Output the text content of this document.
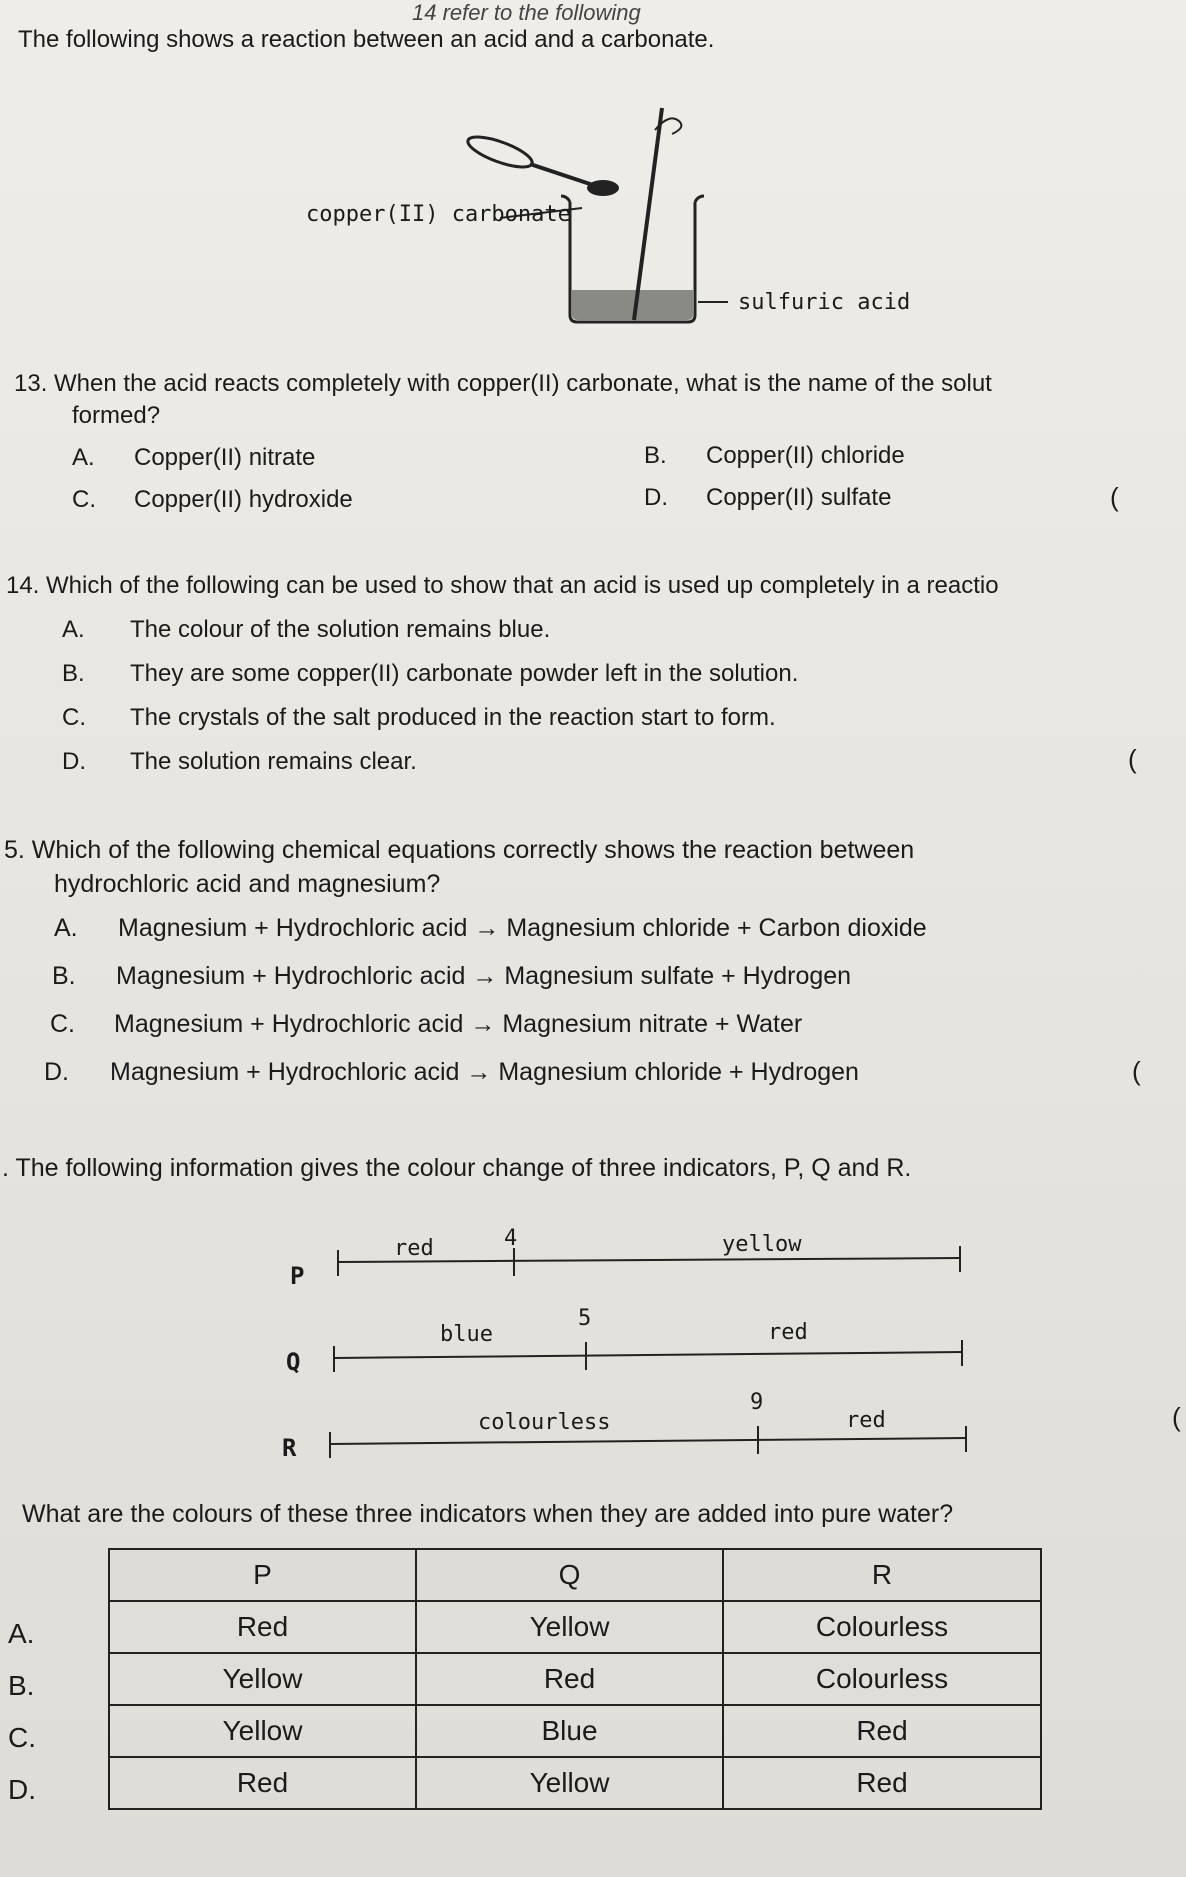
14 refer to the following
The following shows a reaction between an acid and a carbonate.
copper(II) carbonate
sulfuric acid
13. When the acid reacts completely with copper(II) carbonate, what is the name of the solut
formed?
A. Copper(II) nitrate	B. Copper(II) chloride
C. Copper(II) hydroxide	D. Copper(II) sulfate	(
14. Which of the following can be used to show that an acid is used up completely in a reactio
A. The colour of the solution remains blue.
B. They are some copper(II) carbonate powder left in the solution.
C. The crystals of the salt produced in the reaction start to form.
D. The solution remains clear.	(
5. Which of the following chemical equations correctly shows the reaction between
hydrochloric acid and magnesium?
A. Magnesium + Hydrochloric acid → Magnesium chloride + Carbon dioxide
B. Magnesium + Hydrochloric acid → Magnesium sulfate + Hydrogen
C. Magnesium + Hydrochloric acid → Magnesium nitrate + Water
D. Magnesium + Hydrochloric acid → Magnesium chloride + Hydrogen	(
. The following information gives the colour change of three indicators, P, Q and R.
P
red	4	yellow
Q
blue
5
red
R
colourless
9
red	(
What are the colours of these three indicators when they are added into pure water?
A.
B.
C.
D.
P	Q	R
Red	Yellow	Colourless
Yellow	Red	Colourless
Yellow	Blue	Red
Red	Yellow	Red
